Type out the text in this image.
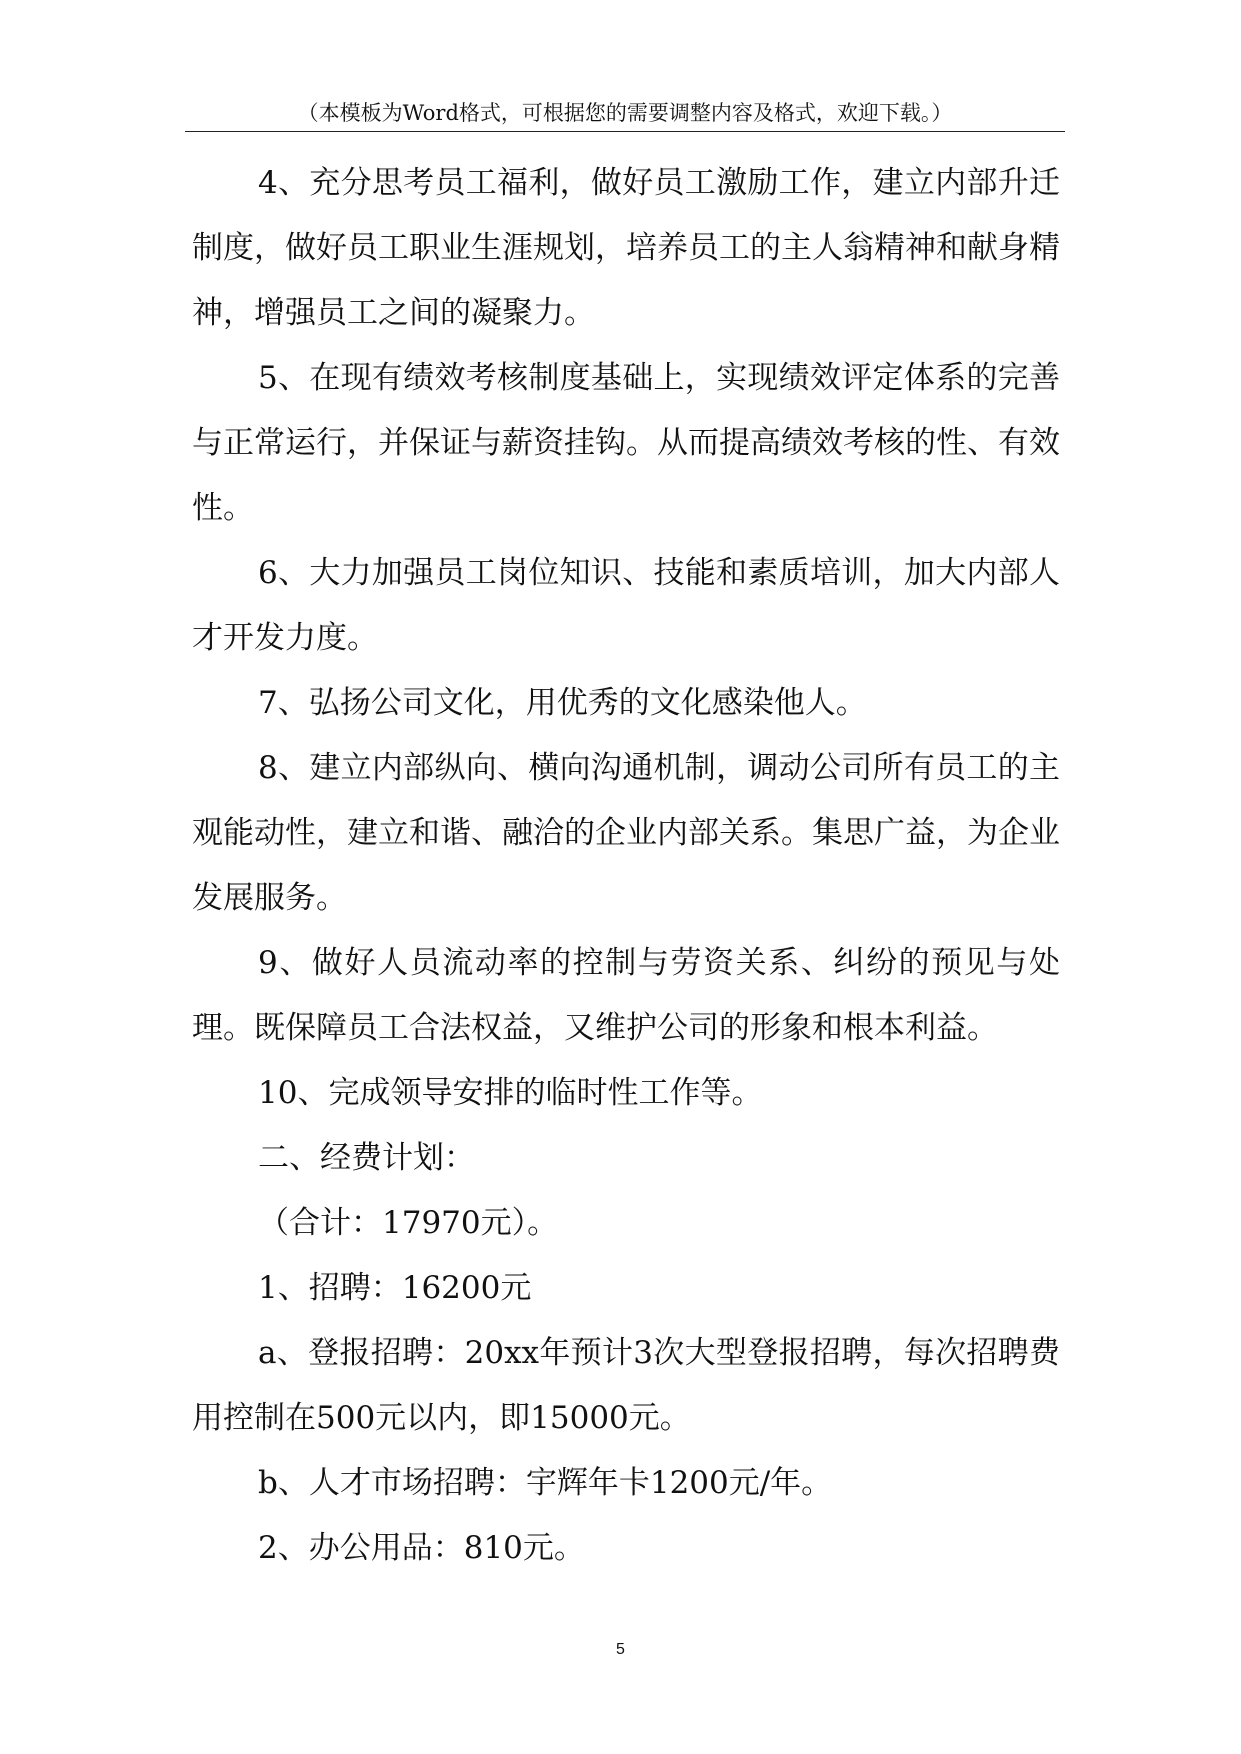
（本模板为Word格式，可根据您的需要调整内容及格式，欢迎下载。）

4、充分思考员工福利，做好员工激励工作，建立内部升迁制度，做好员工职业生涯规划，培养员工的主人翁精神和献身精神，增强员工之间的凝聚力。

5、在现有绩效考核制度基础上，实现绩效评定体系的完善与正常运行，并保证与薪资挂钩。从而提高绩效考核的性、有效性。

6、大力加强员工岗位知识、技能和素质培训，加大内部人才开发力度。

7、弘扬公司文化，用优秀的文化感染他人。

8、建立内部纵向、横向沟通机制，调动公司所有员工的主观能动性，建立和谐、融洽的企业内部关系。集思广益，为企业发展服务。

9、做好人员流动率的控制与劳资关系、纠纷的预见与处理。既保障员工合法权益，又维护公司的形象和根本利益。

10、完成领导安排的临时性工作等。

二、经费计划：

（合计：17970元）。

1、招聘：16200元

a、登报招聘：20xx年预计3次大型登报招聘，每次招聘费用控制在500元以内，即15000元。

b、人才市场招聘：宇辉年卡1200元/年。

2、办公用品：810元。

5
